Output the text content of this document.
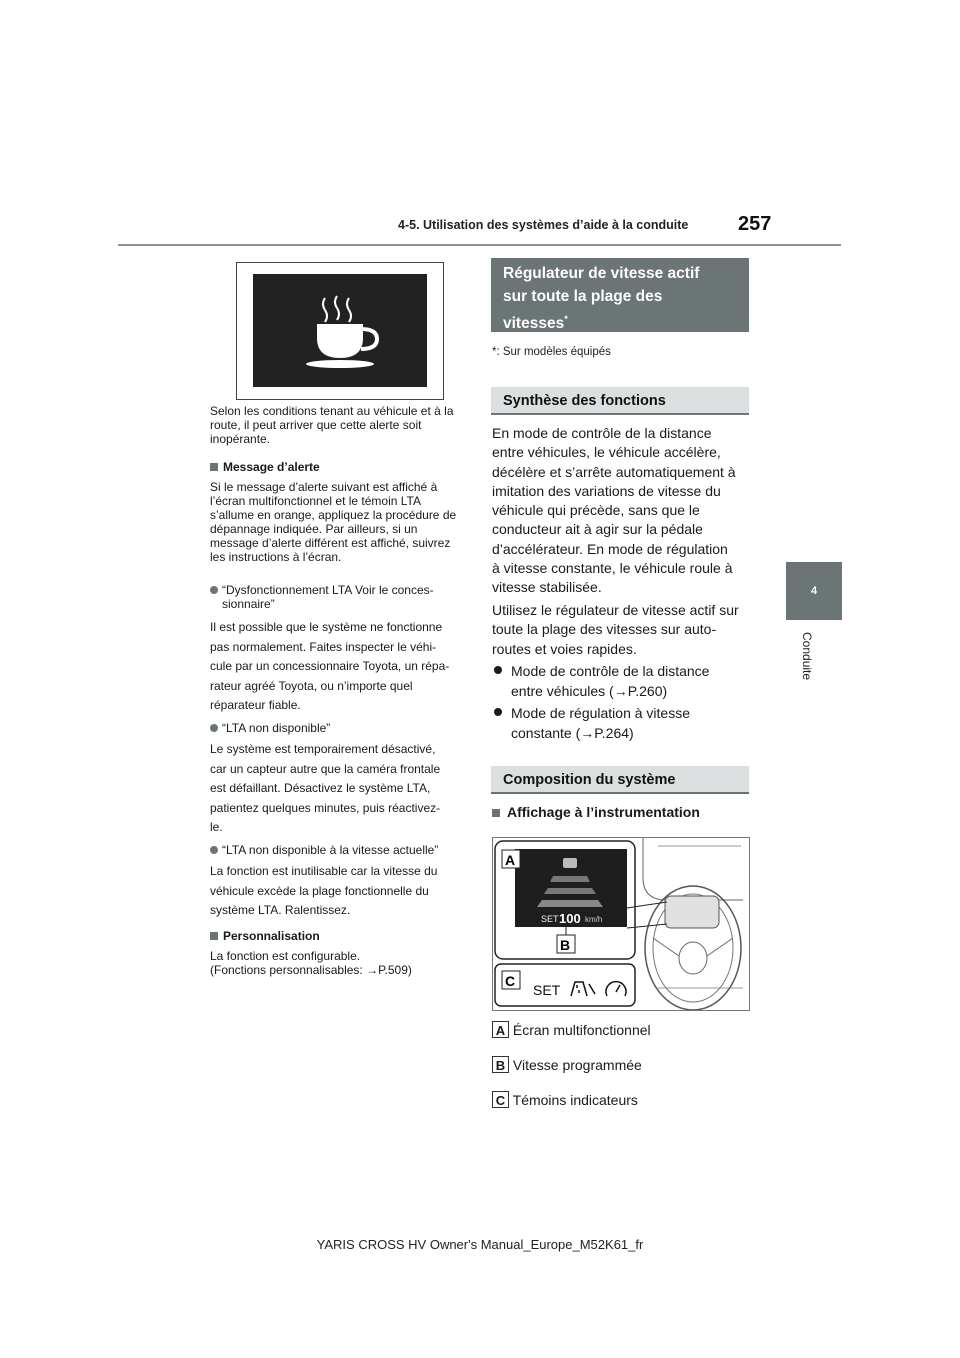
4-5. Utilisation des systèmes d’aide à la conduite 257
4
Conduite
Selon les conditions tenant au véhicule et à la route, il peut arriver que cette alerte soit inopérante.
Message d’alerte
Si le message d’alerte suivant est affiché à l’écran multifonctionnel et le témoin LTA s’allume en orange, appliquez la procédure de dépannage indiquée. Par ailleurs, si un message d’alerte différent est affiché, suivrez les instructions à l’écran.
“Dysfonctionnement LTA Voir le conces-
sionnaire”

Il est possible que le système ne fonctionne

pas normalement. Faites inspecter le véhi-

cule par un concessionnaire Toyota, un répa-

rateur agréé Toyota, ou n’importe quel

réparateur fiable.

“LTA non disponible”

Le système est temporairement désactivé,

car un capteur autre que la caméra frontale

est défaillant. Désactivez le système LTA,

patientez quelques minutes, puis réactivez-

le.

“LTA non disponible à la vitesse actuelle”

La fonction est inutilisable car la vitesse du

véhicule excède la plage fonctionnelle du

système LTA. Ralentissez.

Personnalisation

La fonction est configurable.

(Fonctions personnalisables: →P.509)

Régulateur de vitesse actif
sur toute la plage des
vitesses*
*: Sur modèles équipés
Synthèse des fonctions
En mode de contrôle de la distance
entre véhicules, le véhicule accélère,
décélère et s’arrête automatiquement à
imitation des variations de vitesse du
véhicule qui précède, sans que le
conducteur ait à agir sur la pédale
d’accélérateur. En mode de régulation
à vitesse constante, le véhicule roule à
vitesse stabilisée.
Utilisez le régulateur de vitesse actif sur
toute la plage des vitesses sur auto-
routes et voies rapides.
Mode de contrôle de la distance
entre véhicules (→P.260)
Mode de régulation à vitesse
constante (→P.264)
Composition du système
Affichage à l’instrumentation
SET 100 km/h
SET
A
B
C
A Écran multifonctionnel
B Vitesse programmée
C Témoins indicateurs
YARIS CROSS HV Owner's Manual_Europe_M52K61_fr
